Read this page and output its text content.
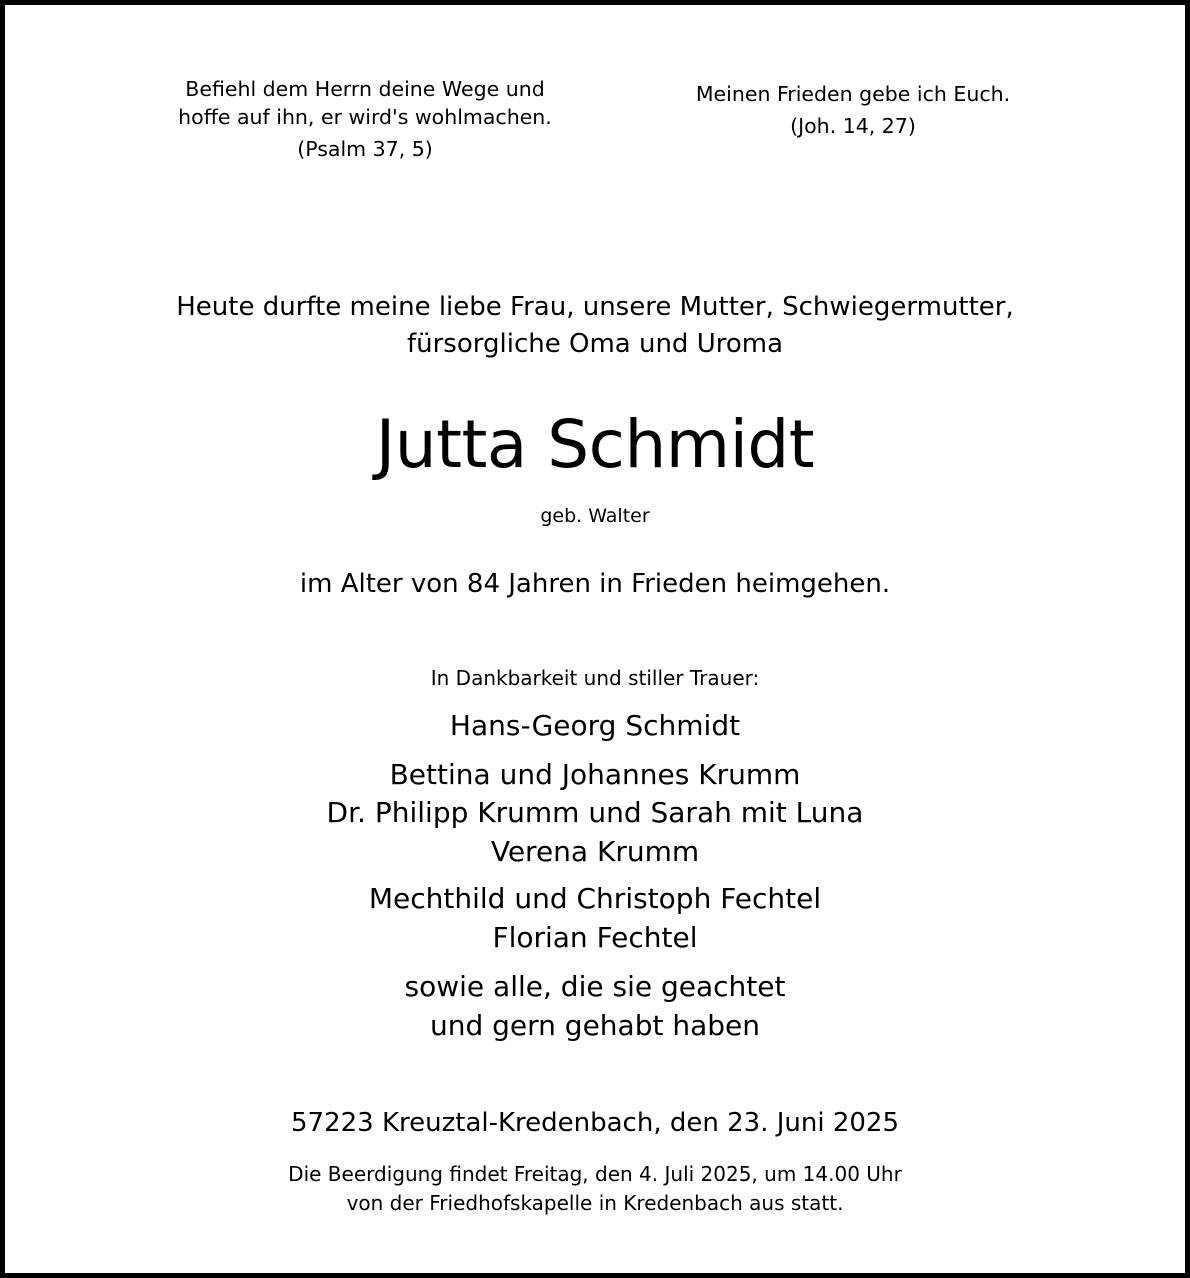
Befiehl dem Herrn deine Wege und
hoffe auf ihn, er wird's wohlmachen.
(Psalm 37, 5)
Meinen Frieden gebe ich Euch.
(Joh. 14, 27)
Heute durfte meine liebe Frau, unsere Mutter, Schwiegermutter,
fürsorgliche Oma und Uroma
Jutta Schmidt
geb. Walter
im Alter von 84 Jahren in Frieden heimgehen.
In Dankbarkeit und stiller Trauer:
Hans-Georg Schmidt
Bettina und Johannes Krumm
Dr. Philipp Krumm und Sarah mit Luna
Verena Krumm
Mechthild und Christoph Fechtel
Florian Fechtel
sowie alle, die sie geachtet
und gern gehabt haben
57223 Kreuztal-Kredenbach, den 23. Juni 2025
Die Beerdigung findet Freitag, den 4. Juli 2025, um 14.00 Uhr
von der Friedhofskapelle in Kredenbach aus statt.
